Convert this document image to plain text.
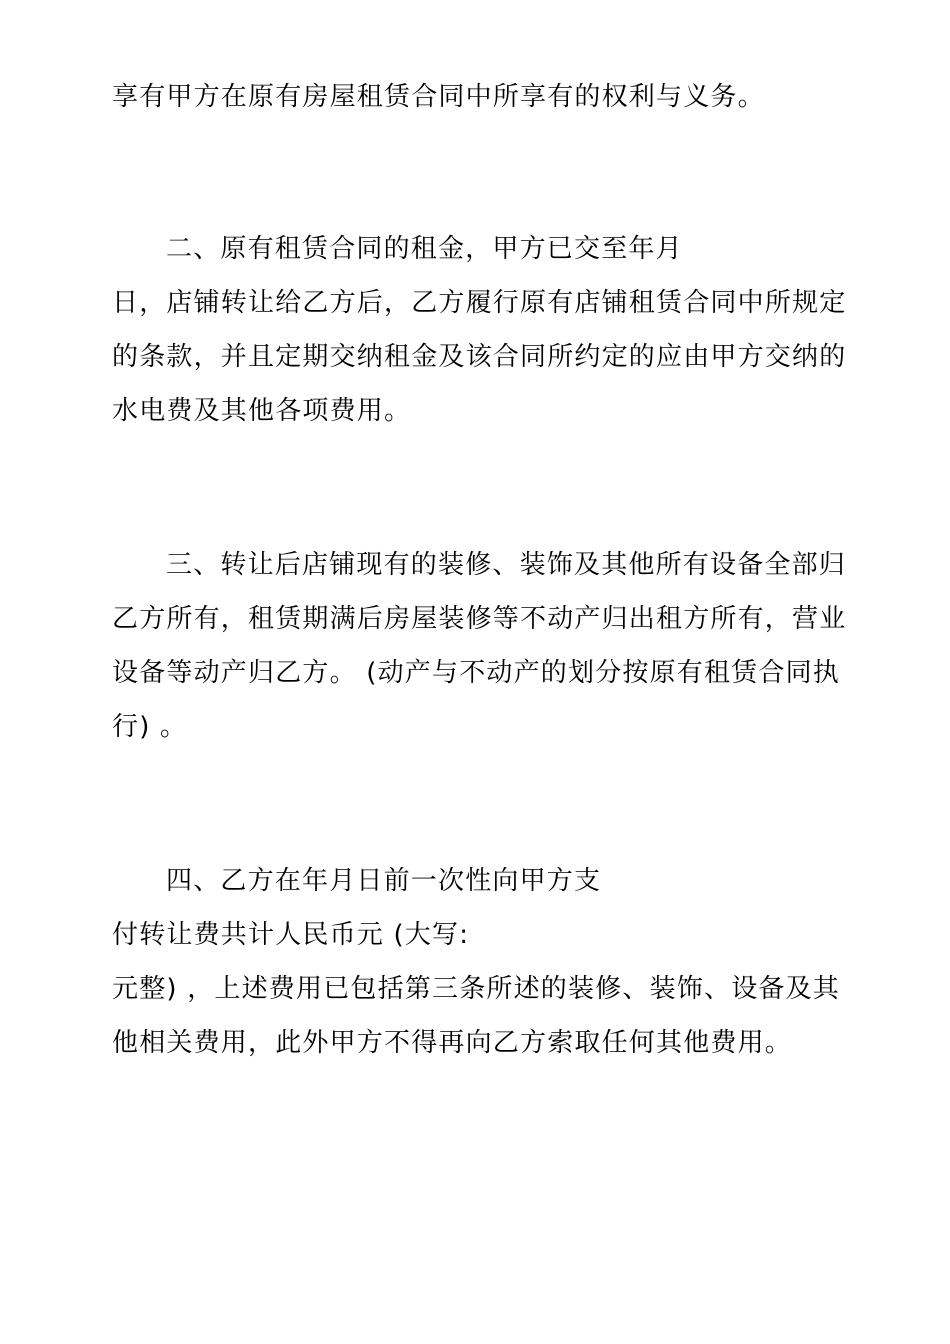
享有甲方在原有房屋租赁合同中所享有的权利与义务。
二、原有租赁合同的租金，甲方已交至年月
日，店铺转让给乙方后，乙方履行原有店铺租赁合同中所规定
的条款，并且定期交纳租金及该合同所约定的应由甲方交纳的
水电费及其他各项费用。
三、转让后店铺现有的装修、装饰及其他所有设备全部归
乙方所有，租赁期满后房屋装修等不动产归出租方所有，营业
设备等动产归乙方。 (动产与不动产的划分按原有租赁合同执
行) 。
四、乙方在年月日前一次性向甲方支
付转让费共计人民币元 (大写:
元整) ，上述费用已包括第三条所述的装修、装饰、设备及其
他相关费用，此外甲方不得再向乙方索取任何其他费用。
